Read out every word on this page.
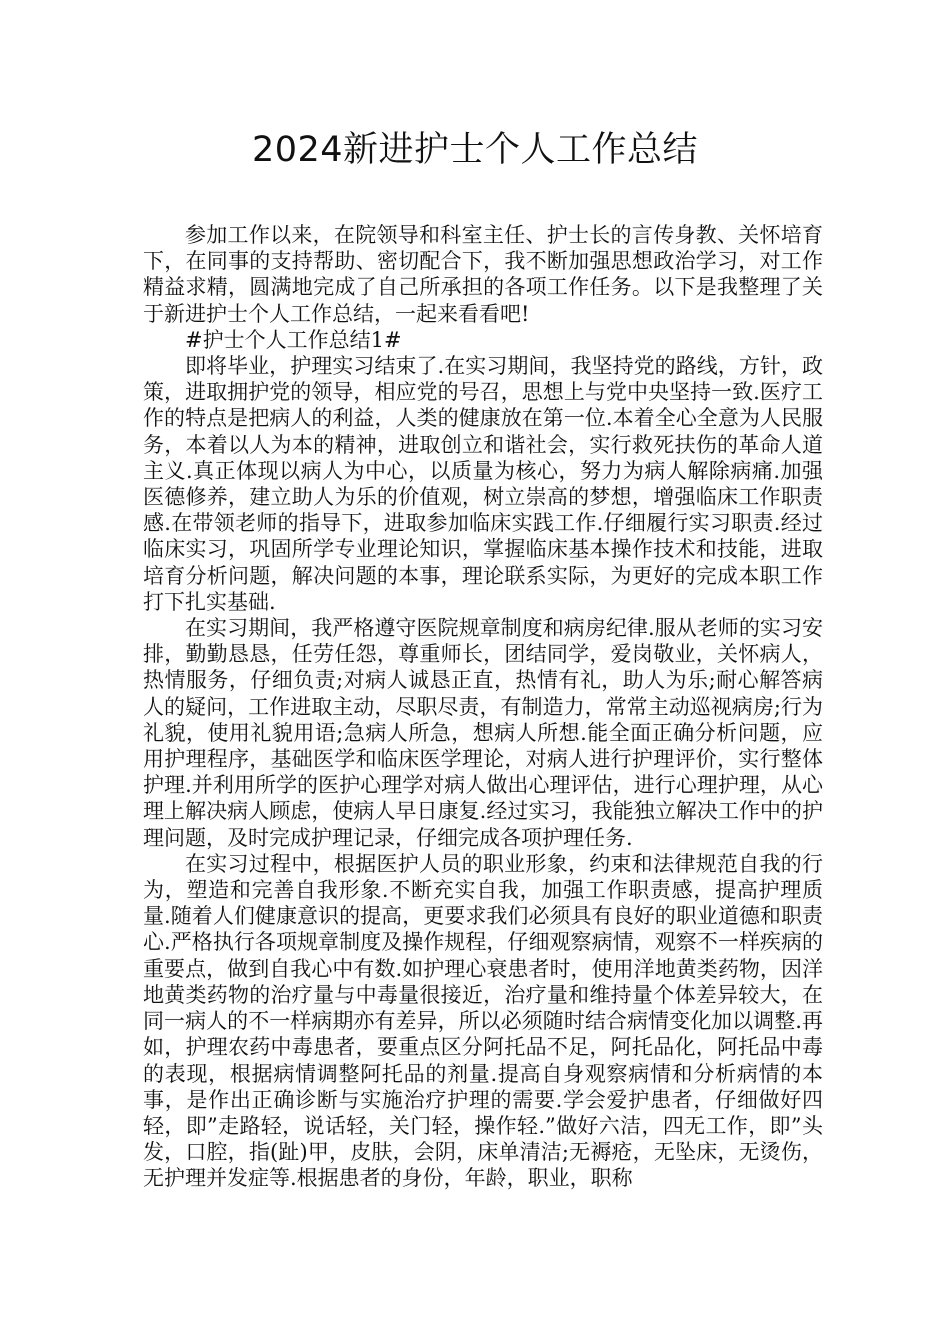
2024新进护士个人工作总结

参加工作以来，在院领导和科室主任、护士长的言传身教、关怀培育下，在同事的支持帮助、密切配合下，我不断加强思想政治学习，对工作精益求精，圆满地完成了自己所承担的各项工作任务。以下是我整理了关于新进护士个人工作总结，一起来看看吧!

#护士个人工作总结1#

即将毕业，护理实习结束了.在实习期间，我坚持党的路线，方针，政策，进取拥护党的领导，相应党的号召，思想上与党中央坚持一致.医疗工作的特点是把病人的利益，人类的健康放在第一位.本着全心全意为人民服务，本着以人为本的精神，进取创立和谐社会，实行救死扶伤的革命人道主义.真正体现以病人为中心，以质量为核心，努力为病人解除病痛.加强医德修养，建立助人为乐的价值观，树立崇高的梦想，增强临床工作职责感.在带领老师的指导下，进取参加临床实践工作.仔细履行实习职责.经过临床实习，巩固所学专业理论知识，掌握临床基本操作技术和技能，进取培育分析问题，解决问题的本事，理论联系实际，为更好的完成本职工作打下扎实基础.

在实习期间，我严格遵守医院规章制度和病房纪律.服从老师的实习安排，勤勤恳恳，任劳任怨，尊重师长，团结同学，爱岗敬业，关怀病人，热情服务，仔细负责;对病人诚恳正直，热情有礼，助人为乐;耐心解答病人的疑问，工作进取主动，尽职尽责，有制造力，常常主动巡视病房;行为礼貌，使用礼貌用语;急病人所急，想病人所想.能全面正确分析问题，应用护理程序，基础医学和临床医学理论，对病人进行护理评价，实行整体护理.并利用所学的医护心理学对病人做出心理评估，进行心理护理，从心理上解决病人顾虑，使病人早日康复.经过实习，我能独立解决工作中的护理问题，及时完成护理记录，仔细完成各项护理任务.

在实习过程中，根据医护人员的职业形象，约束和法律规范自我的行为，塑造和完善自我形象.不断充实自我，加强工作职责感，提高护理质量.随着人们健康意识的提高，更要求我们必须具有良好的职业道德和职责心.严格执行各项规章制度及操作规程，仔细观察病情，观察不一样疾病的重要点，做到自我心中有数.如护理心衰患者时，使用洋地黄类药物，因洋地黄类药物的治疗量与中毒量很接近，治疗量和维持量个体差异较大，在同一病人的不一样病期亦有差异，所以必须随时结合病情变化加以调整.再如，护理农药中毒患者，要重点区分阿托品不足，阿托品化，阿托品中毒的表现，根据病情调整阿托品的剂量.提高自身观察病情和分析病情的本事，是作出正确诊断与实施治疗护理的需要.学会爱护患者，仔细做好四轻，即”走路轻，说话轻，关门轻，操作轻.”做好六洁，四无工作，即”头发，口腔，指(趾)甲，皮肤，会阴，床单清洁;无褥疮，无坠床，无烫伤，无护理并发症等.根据患者的身份，年龄，职业，职称
